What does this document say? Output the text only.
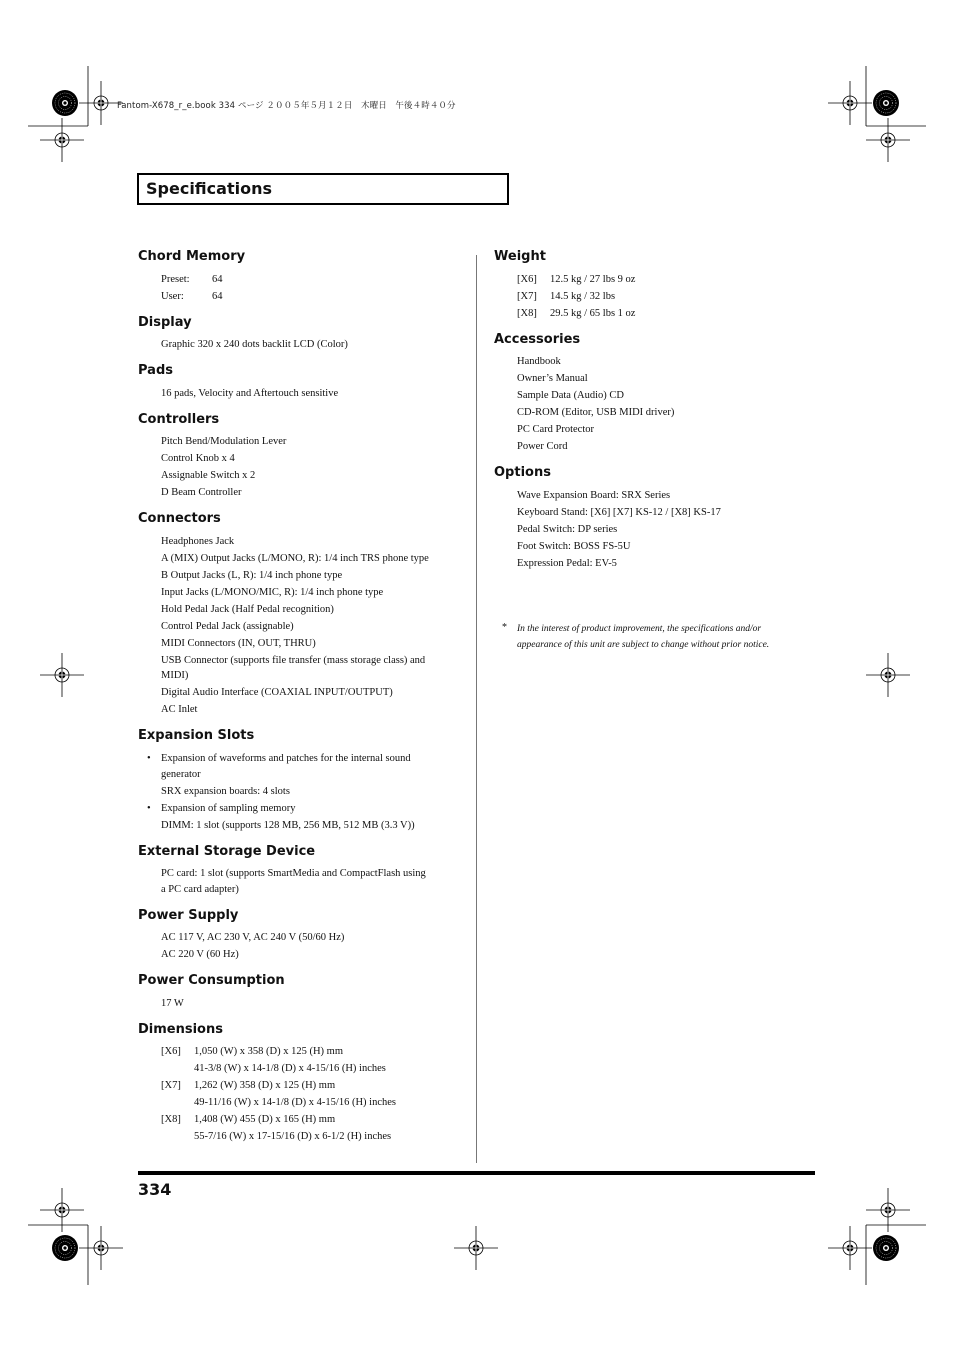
Fantom-X678_r_e.book 334 ページ ２００５年５月１２日　木曜日　午後４時４０分
Specifications
Chord Memory
Preset: 64
User:	64
Display
Graphic 320 x 240 dots backlit LCD (Color)
Pads
16 pads, Velocity and Aftertouch sensitive
Controllers
Pitch Bend/Modulation Lever
Control Knob x 4
Assignable Switch x 2
D Beam Controller
Connectors
Headphones Jack
A (MIX) Output Jacks (L/MONO, R): 1/4 inch TRS phone type
B Output Jacks (L, R): 1/4 inch phone type
Input Jacks (L/MONO/MIC, R): 1/4 inch phone type
Hold Pedal Jack (Half Pedal recognition)
Control Pedal Jack (assignable)
MIDI Connectors (IN, OUT, THRU)
USB Connector (supports file transfer (mass storage class) and
MIDI)
Digital Audio Interface (COAXIAL INPUT/OUTPUT)
AC Inlet
Expansion Slots
• Expansion of waveforms and patches for the internal sound
generator
SRX expansion boards: 4 slots
• Expansion of sampling memory
DIMM: 1 slot (supports 128 MB, 256 MB, 512 MB (3.3 V))
External Storage Device
PC card: 1 slot (supports SmartMedia and CompactFlash using
a PC card adapter)
Power Supply
AC 117 V, AC 230 V, AC 240 V (50/60 Hz)
AC 220 V (60 Hz)
Power Consumption
17 W
Dimensions
[X6] 1,050 (W) x 358 (D) x 125 (H) mm
41-3/8 (W) x 14-1/8 (D) x 4-15/16 (H) inches
[X7] 1,262 (W) 358 (D) x 125 (H) mm
49-11/16 (W) x 14-1/8 (D) x 4-15/16 (H) inches
[X8] 1,408 (W) 455 (D) x 165 (H) mm
55-7/16 (W) x 17-15/16 (D) x 6-1/2 (H) inches
Weight
[X6] 12.5 kg / 27 lbs 9 oz
[X7] 14.5 kg / 32 lbs
[X8] 29.5 kg / 65 lbs 1 oz
Accessories
Handbook
Owner’s Manual
Sample Data (Audio) CD
CD-ROM (Editor, USB MIDI driver)
PC Card Protector
Power Cord
Options
Wave Expansion Board: SRX Series
Keyboard Stand: [X6] [X7] KS-12 / [X8] KS-17
Pedal Switch: DP series
Foot Switch: BOSS FS-5U
Expression Pedal: EV-5
* In the interest of product improvement, the specifications and/or
appearance of this unit are subject to change without prior notice.
334
